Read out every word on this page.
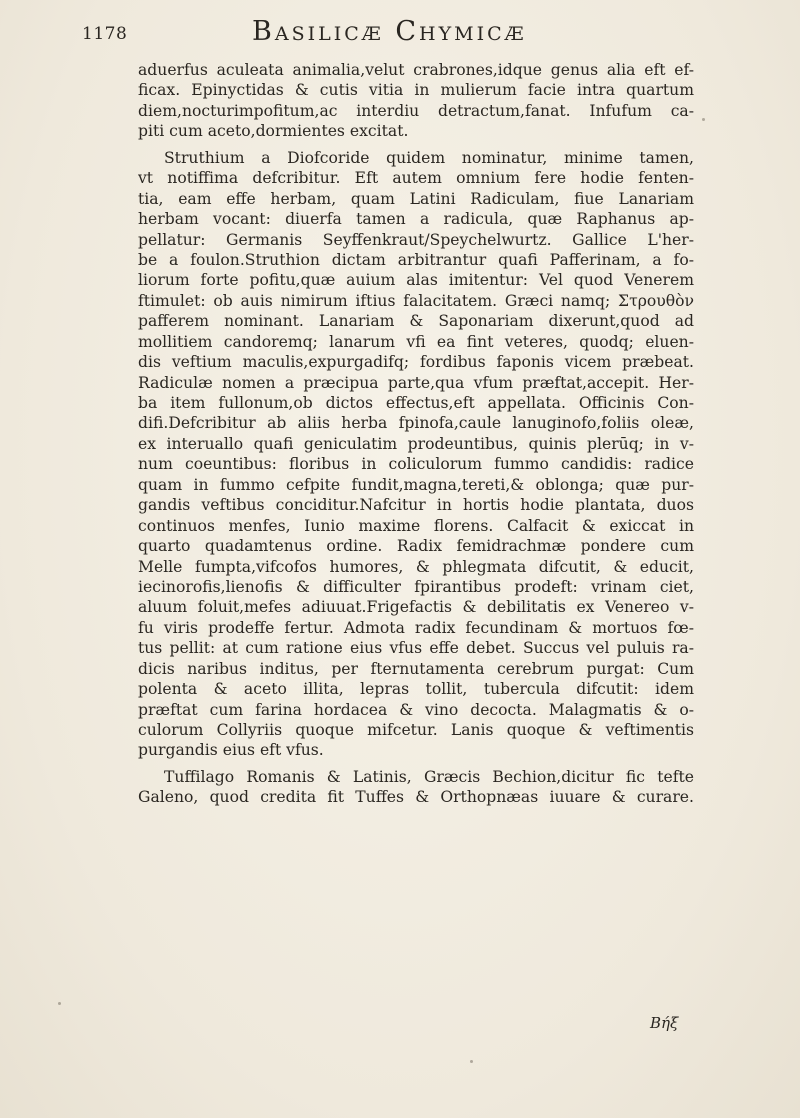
1178	Basilicæ Chymicæ
aduerfus aculeata animalia,velut crabrones,idque genus alia eft ef-
ficax. Epinyctidas & cutis vitia in mulierum facie intra quartum
diem,nocturimpofitum,ac interdiu detractum,fanat. Infufum ca-
piti cum aceto,dormientes excitat.
Struthium a Diofcoride quidem nominatur, minime tamen,
vt notiffima defcribitur. Eft autem omnium fere hodie fenten-
tia, eam effe herbam, quam Latini Radiculam, fiue Lanariam
herbam vocant: diuerfa tamen a radicula, quæ Raphanus ap-
pellatur: Germanis Seyffenkraut/Speychelwurtz. Gallice L'her-
be a foulon.Struthion dictam arbitrantur quafi Pafferinam, a fo-
liorum forte pofitu,quæ auium alas imitentur: Vel quod Venerem
ftimulet: ob auis nimirum iftius falacitatem. Græci namq; Στρουθὸν
pafferem nominant. Lanariam & Saponariam dixerunt,quod ad
mollitiem candoremq; lanarum vfi ea fint veteres, quodq; eluen-
dis veftium maculis,expurgadifq; fordibus faponis vicem præbeat.
Radiculæ nomen a præcipua parte,qua vfum præftat,accepit. Her-
ba item fullonum,ob dictos effectus,eft appellata. Officinis Con-
difi.Defcribitur ab aliis herba fpinofa,caule lanuginofo,foliis oleæ,
ex interuallo quafi geniculatim prodeuntibus, quinis plerūq; in v-
num coeuntibus: floribus in coliculorum fummo candidis: radice
quam in fummo cefpite fundit,magna,tereti,& oblonga; quæ pur-
gandis veftibus conciditur.Nafcitur in hortis hodie plantata, duos
continuos menfes, Iunio maxime florens. Calfacit & exiccat in
quarto quadamtenus ordine. Radix femidrachmæ pondere cum
Melle fumpta,vifcofos humores, & phlegmata difcutit, & educit,
iecinorofis,lienofis & difficulter fpirantibus prodeft: vrinam ciet,
aluum foluit,mefes adiuuat.Frigefactis & debilitatis ex Venereo v-
fu viris prodeffe fertur. Admota radix fecundinam & mortuos fœ-
tus pellit: at cum ratione eius vfus effe debet. Succus vel puluis ra-
dicis naribus inditus, per fternutamenta cerebrum purgat: Cum
polenta & aceto illita, lepras tollit, tubercula difcutit: idem
præftat cum farina hordacea & vino decocta. Malagmatis & o-
culorum Collyriis quoque mifcetur. Lanis quoque & veftimentis
purgandis eius eft vfus.
Tuffilago Romanis & Latinis, Græcis Bechion,dicitur fic tefte
Galeno, quod credita fit Tuffes & Orthopnæas iuuare & curare.
Βήξ
